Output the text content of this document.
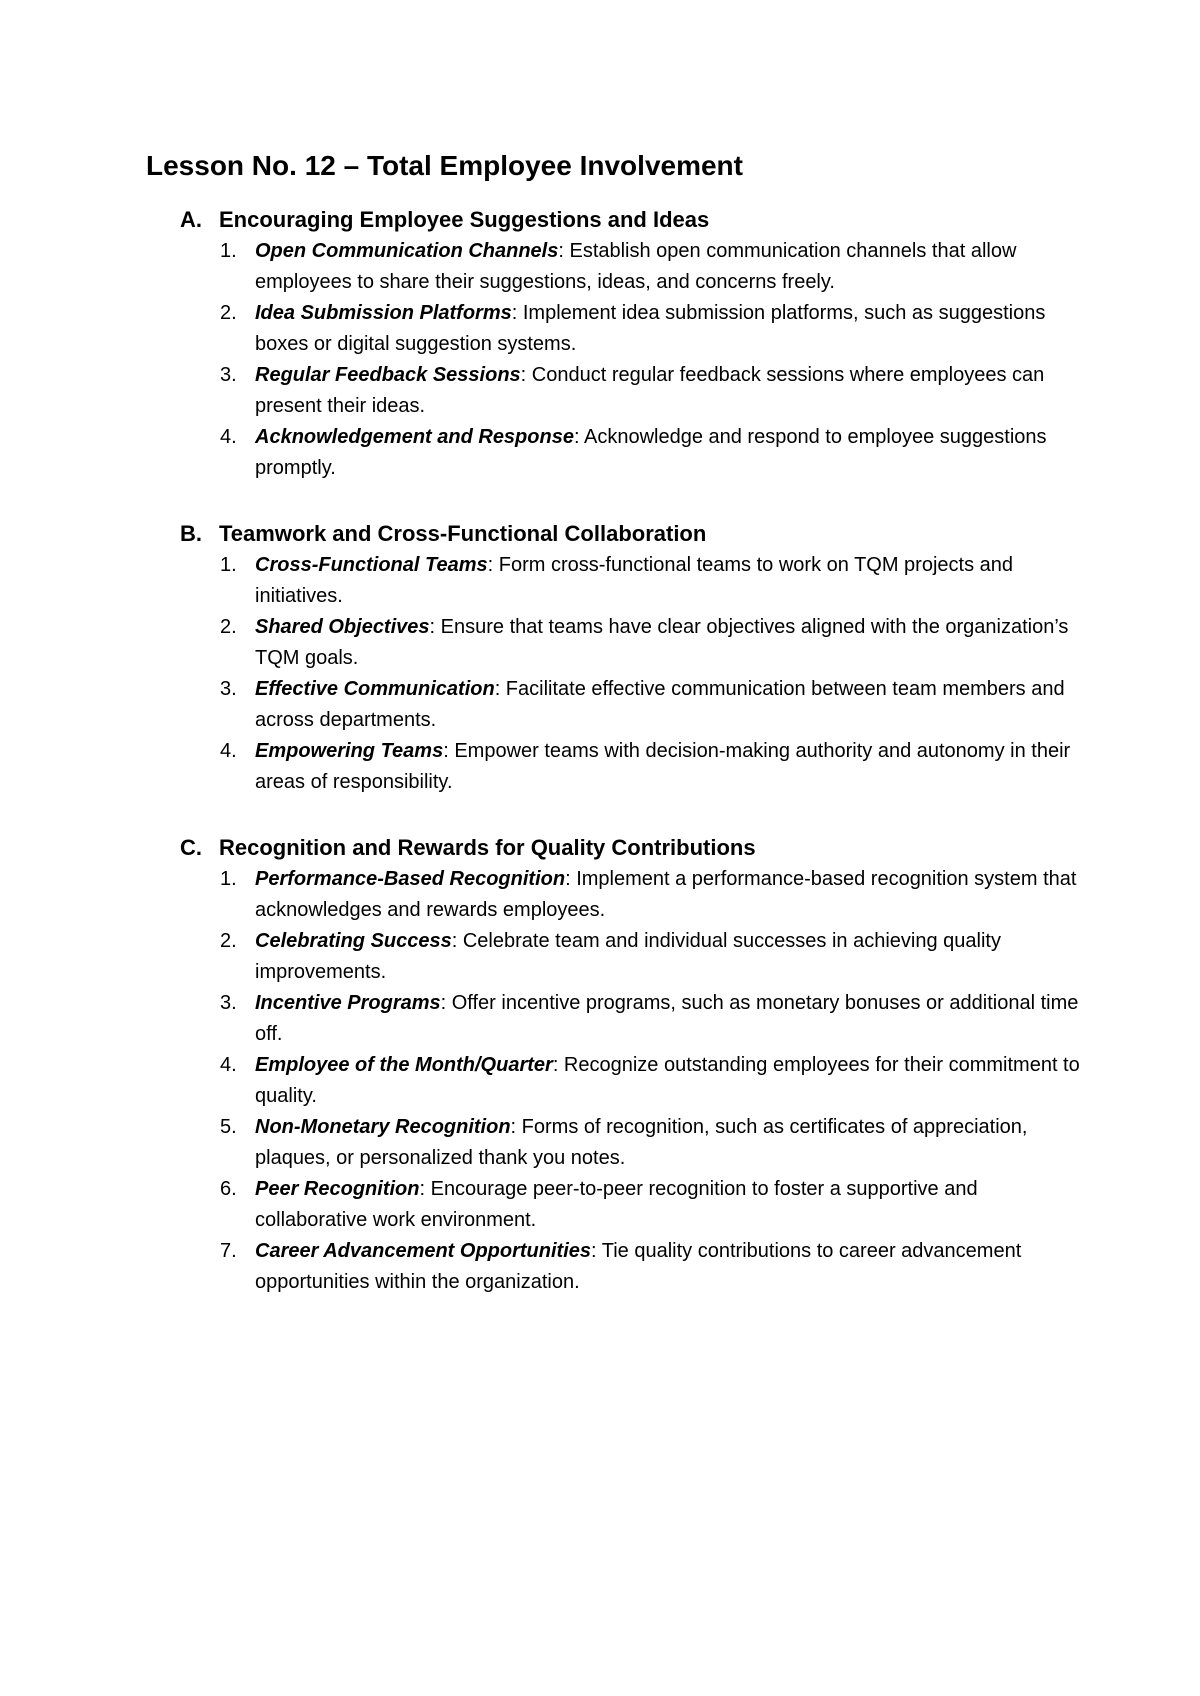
Lesson No. 12 – Total Employee Involvement
A. Encouraging Employee Suggestions and Ideas
1. Open Communication Channels: Establish open communication channels that allow employees to share their suggestions, ideas, and concerns freely.
2. Idea Submission Platforms: Implement idea submission platforms, such as suggestions boxes or digital suggestion systems.
3. Regular Feedback Sessions: Conduct regular feedback sessions where employees can present their ideas.
4. Acknowledgement and Response: Acknowledge and respond to employee suggestions promptly.
B. Teamwork and Cross-Functional Collaboration
1. Cross-Functional Teams: Form cross-functional teams to work on TQM projects and initiatives.
2. Shared Objectives: Ensure that teams have clear objectives aligned with the organization’s TQM goals.
3. Effective Communication: Facilitate effective communication between team members and across departments.
4. Empowering Teams: Empower teams with decision-making authority and autonomy in their areas of responsibility.
C. Recognition and Rewards for Quality Contributions
1. Performance-Based Recognition: Implement a performance-based recognition system that acknowledges and rewards employees.
2. Celebrating Success: Celebrate team and individual successes in achieving quality improvements.
3. Incentive Programs: Offer incentive programs, such as monetary bonuses or additional time off.
4. Employee of the Month/Quarter: Recognize outstanding employees for their commitment to quality.
5. Non-Monetary Recognition: Forms of recognition, such as certificates of appreciation, plaques, or personalized thank you notes.
6. Peer Recognition: Encourage peer-to-peer recognition to foster a supportive and collaborative work environment.
7. Career Advancement Opportunities: Tie quality contributions to career advancement opportunities within the organization.
